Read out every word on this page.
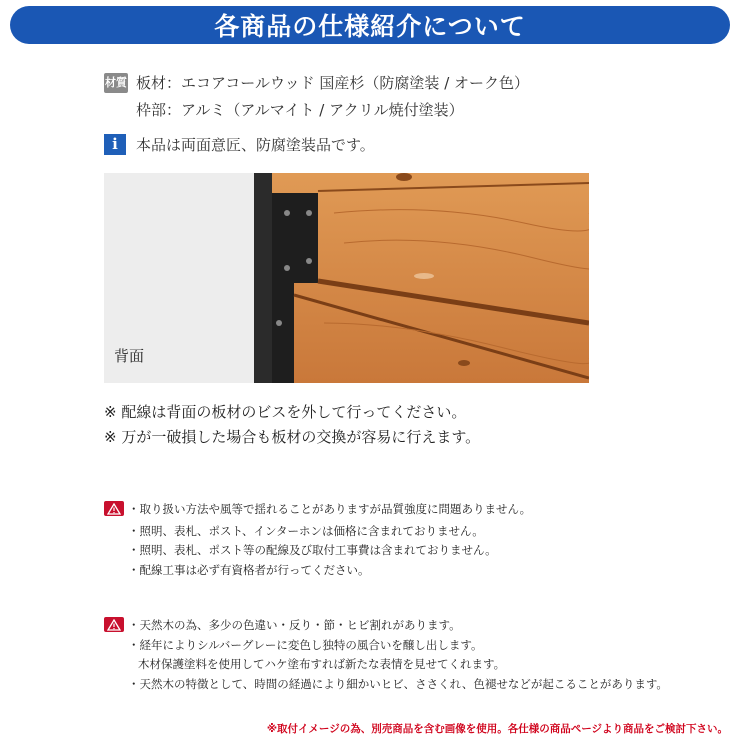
各商品の仕様紹介について
材質 板材：エコアコールウッド 国産杉（防腐塗装 / オーク色）
枠部：アルミ（アルマイト / アクリル焼付塗装）
i	本品は両面意匠、防腐塗装品です。
背面
※ 配線は背面の板材のビスを外して行ってください。
※ 万が一破損した場合も板材の交換が容易に行えます。
・取り扱い方法や風等で揺れることがありますが品質強度に問題ありません。
・照明、表札、ポスト、インターホンは価格に含まれておりません。
・照明、表札、ポスト等の配線及び取付工事費は含まれておりません。
・配線工事は必ず有資格者が行ってください。
・天然木の為、多少の色違い・反り・節・ヒビ割れがあります。
・経年によりシルバーグレーに変色し独特の風合いを醸し出します。
木材保護塗料を使用してハケ塗布すれば新たな表情を見せてくれます。
・天然木の特徴として、時間の経過により細かいヒビ、ささくれ、色褪せなどが起こることがあります。
※取付イメージの為、別売商品を含む画像を使用。各仕様の商品ページより商品をご検討下さい。
